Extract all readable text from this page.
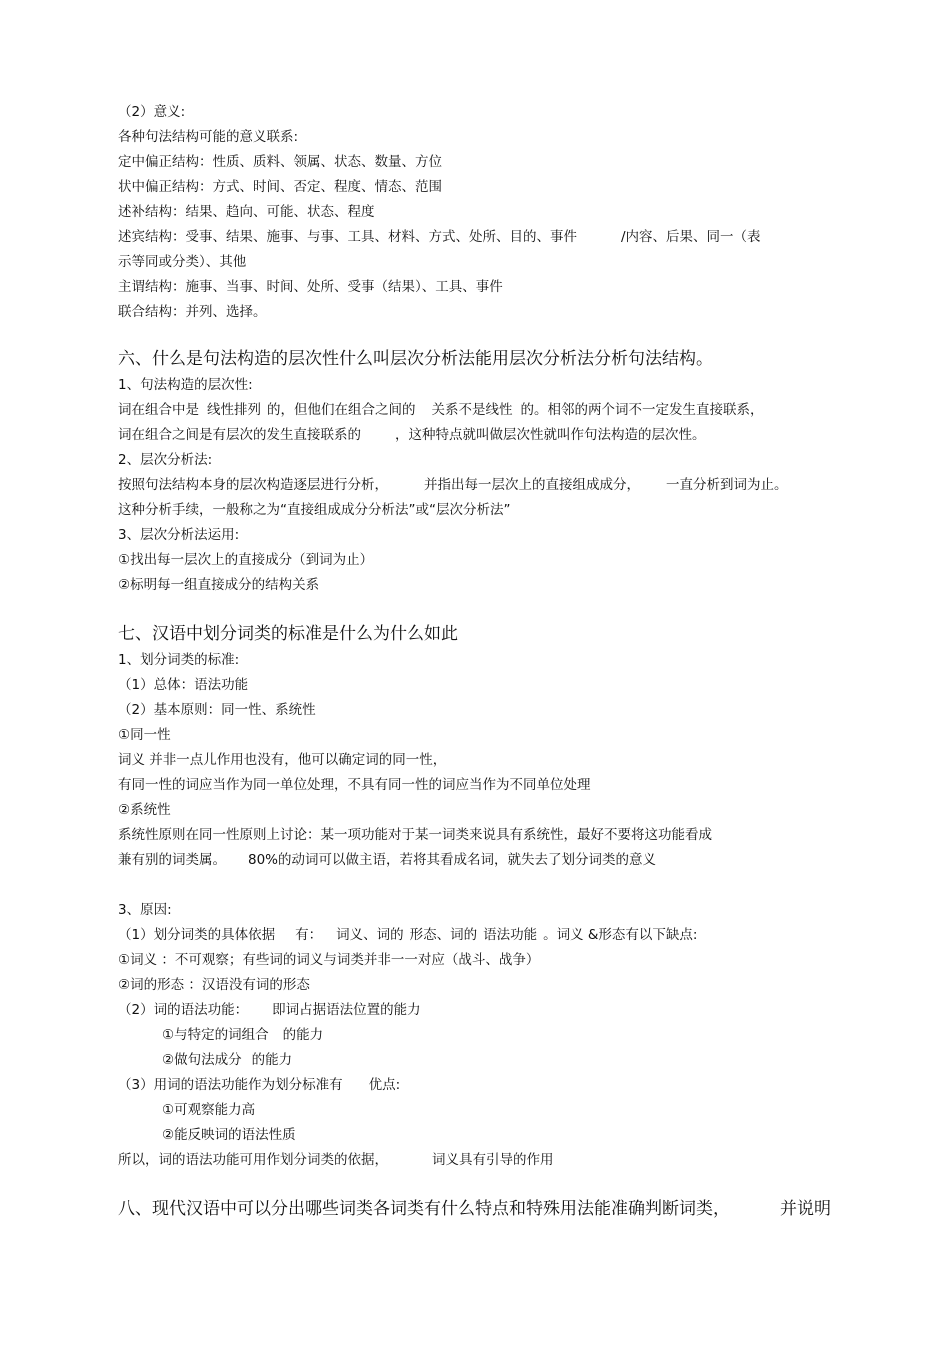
（2）意义:
各种句法结构可能的意义联系:
定中偏正结构：性质、质料、领属、状态、数量、方位
状中偏正结构：方式、时间、否定、程度、情态、范围
述补结构：结果、趋向、可能、状态、程度
述宾结构：受事、结果、施事、与事、工具、材料、方式、处所、目的、事件	/内容、后果、同一（表
示等同或分类）、其他
主谓结构：施事、当事、时间、处所、受事（结果）、工具、事件
联合结构：并列、选择。
六、什么是句法构造的层次性什么叫层次分析法能用层次分析法分析句法结构。
1、句法构造的层次性:
词在组合中是 线性排列 的，但他们在组合之间的 关系不是线性 的。相邻的两个词不一定发生直接联系，
词在组合之间是有层次的发生直接联系的	，这种特点就叫做层次性就叫作句法构造的层次性。
2、层次分析法:
按照句法结构本身的层次构造逐层进行分析，	并指出每一层次上的直接组成成分， 一直分析到词为止。
这种分析手续，一般称之为“直接组成成分分析法”或“层次分析法”
3、层次分析法运用:
①找出每一层次上的直接成分（到词为止）
②标明每一组直接成分的结构关系
七、汉语中划分词类的标准是什么为什么如此
1、划分词类的标准:
（1）总体：语法功能
（2）基本原则：同一性、系统性
①同一性
词义 并非一点儿作用也没有，他可以确定词的同一性，
有同一性的词应当作为同一单位处理，不具有同一性的词应当作为不同单位处理
②系统性
系统性原则在同一性原则上讨论：某一项功能对于某一词类来说具有系统性，最好不要将这功能看成
兼有别的词类属。 80%的动词可以做主语，若将其看成名词，就失去了划分词类的意义
3、原因:
（1）划分词类的具体依据 有： 词义、词的 形态、词的 语法功能 。词义 &形态有以下缺点:
①词义 ：不可观察；有些词的词义与词类并非一一对应（战斗、战争）
②词的形态 ：汉语没有词的形态
（2）词的语法功能： 即词占据语法位置的能力
①与特定的词组合 的能力
②做句法成分 的能力
（3）用词的语法功能作为划分标准有 优点:
①可观察能力高
②能反映词的语法性质
所以，词的语法功能可用作划分词类的依据，	词义具有引导的作用
八、现代汉语中可以分出哪些词类各词类有什么特点和特殊用法能准确判断词类，	并说明
